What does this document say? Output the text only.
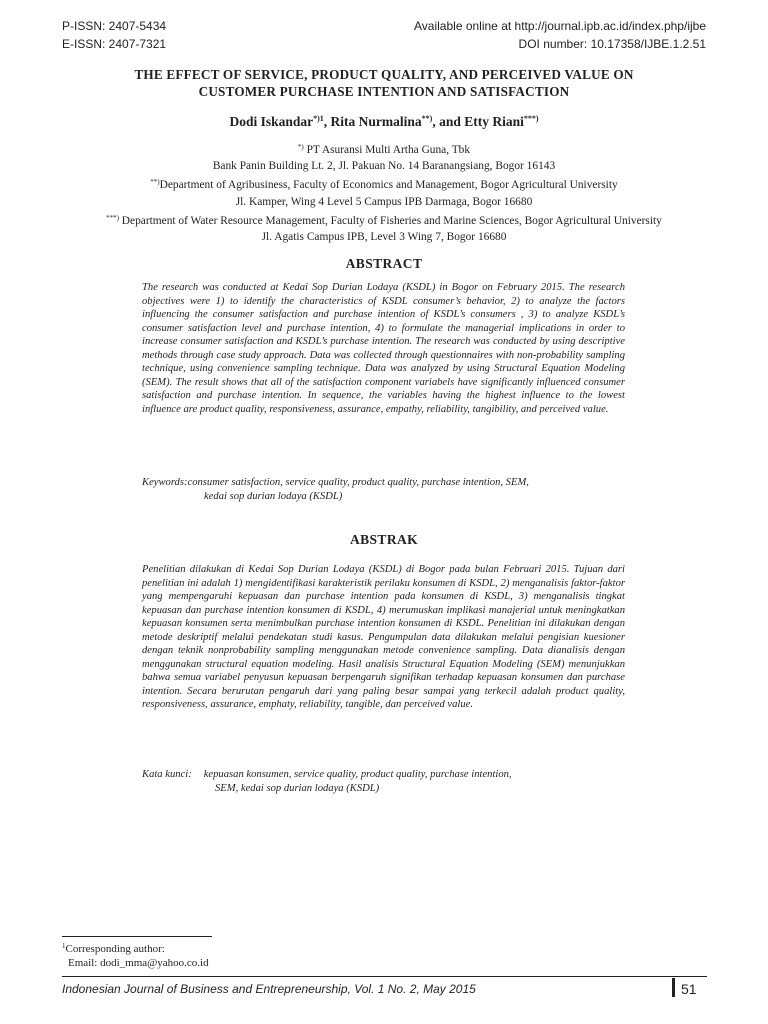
P-ISSN: 2407-5434
E-ISSN: 2407-7321
Available online at http://journal.ipb.ac.id/index.php/ijbe
DOI number: 10.17358/IJBE.1.2.51
THE EFFECT OF SERVICE, PRODUCT QUALITY, AND PERCEIVED VALUE ON
CUSTOMER PURCHASE INTENTION AND SATISFACTION
Dodi Iskandar$^{*)1}$, Rita Nurmalina**), and Etty Riani***)
*) PT Asuransi Multi Artha Guna, Tbk
Bank Panin Building Lt. 2, Jl. Pakuan No. 14 Baranangsiang, Bogor 16143
**)Department of Agribusiness, Faculty of Economics and Management, Bogor Agricultural University
Jl. Kamper, Wing 4 Level 5 Campus IPB Darmaga, Bogor 16680
***) Department of Water Resource Management, Faculty of Fisheries and Marine Sciences, Bogor Agricultural University
Jl. Agatis Campus IPB, Level 3 Wing 7, Bogor 16680
ABSTRACT
The research was conducted at Kedai Sop Durian Lodaya (KSDL) in Bogor on February 2015. The research objectives were 1) to identify the characteristics of KSDL consumer’s behavior, 2) to analyze the factors influencing the consumer satisfaction and purchase intention of KSDL’s consumers , 3) to analyze KSDL’s consumer satisfaction level and purchase intention, 4) to formulate the managerial implications in order to increase consumer satisfaction and KSDL’s purchase intention. The research was conducted by using descriptive methods through case study approach. Data was collected through questionnaires with non-probability sampling technique, using convenience sampling technique. Data was analyzed by using Structural Equation Modeling (SEM). The result shows that all of the satisfaction component variabels have significantly influenced consumer satisfaction and purchase intention. In sequence, the variables having the highest influence to the lowest influence are product quality, responsiveness, assurance, empathy, reliability, tangibility, and perceived value.
Keywords: consumer satisfaction, service quality, product quality, purchase intention, SEM,
kedai sop durian lodaya (KSDL)
ABSTRAK
Penelitian dilakukan di Kedai Sop Durian Lodaya (KSDL) di Bogor pada bulan Februari 2015. Tujuan dari penelitian ini adalah 1) mengidentifikasi karakteristik perilaku konsumen di KSDL, 2) menganalisis faktor-faktor yang mempengaruhi kepuasan dan purchase intention pada konsumen di KSDL, 3) menganalisis tingkat kepuasan dan purchase intention konsumen di KSDL, 4) merumuskan implikasi manajerial untuk meningkatkan kepuasan konsumen serta menimbulkan purchase intention konsumen di KSDL. Penelitian ini dilakukan dengan metode deskriptif melalui pendekatan studi kasus. Pengumpulan data dilakukan melalui pengisian kuesioner dengan teknik nonprobability sampling menggunakan metode convenience sampling. Data dianalisis dengan menggunakan structural equation modeling. Hasil analisis Structural Equation Modeling (SEM) menunjukkan bahwa semua variabel penyusun kepuasan berpengaruh signifikan terhadap kepuasan konsumen dan purchase intention. Secara berurutan pengaruh dari yang paling besar sampai yang terkecil adalah product quality, responsiveness, assurance, emphaty, reliability, tangible, dan perceived value.
Kata kunci:	kepuasan konsumen, service quality, product quality, purchase intention,
SEM, kedai sop durian lodaya (KSDL)
$^1$Corresponding author:
Email: dodi_mma@yahoo.co.id
Indonesian Journal of Business and Entrepreneurship, Vol. 1 No. 2, May 2015	51
